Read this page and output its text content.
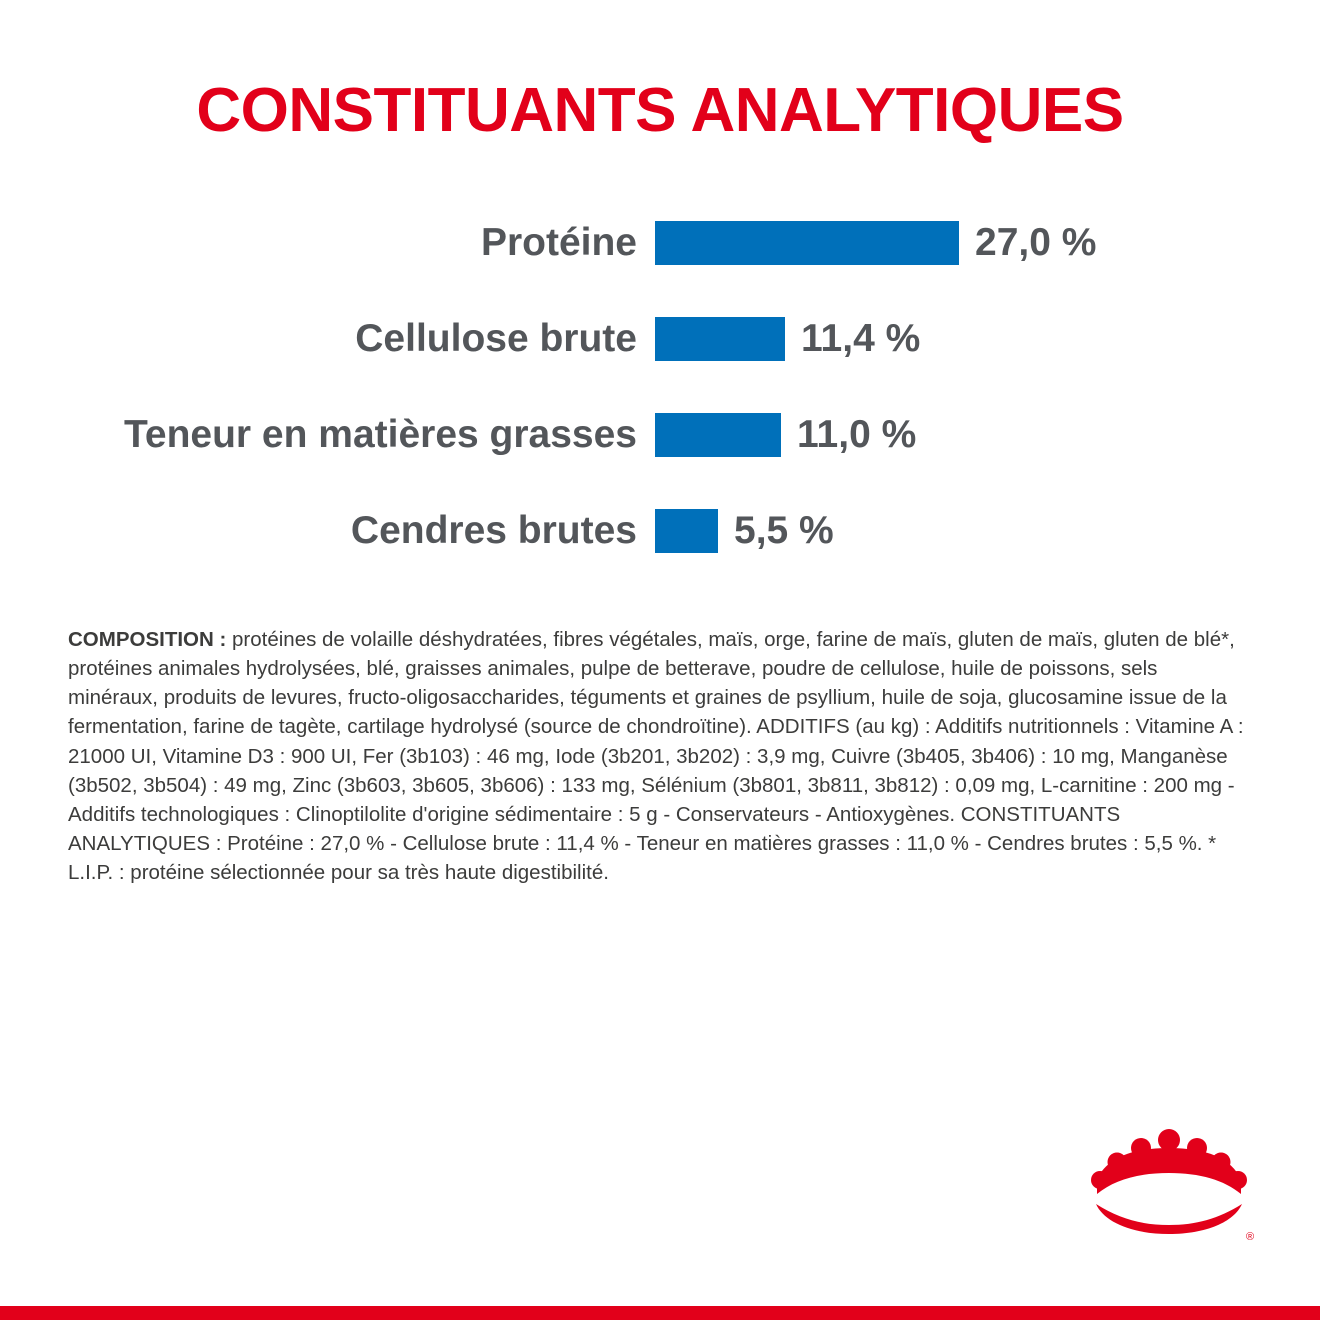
CONSTITUANTS ANALYTIQUES
Protéine	27,0 %
Cellulose brute	11,4 %
Teneur en matières grasses	11,0 %
Cendres brutes	5,5 %
COMPOSITION : protéines de volaille déshydratées, fibres végétales, maïs, orge, farine de maïs, gluten de maïs, gluten de blé*, protéines animales hydrolysées, blé, graisses animales, pulpe de betterave, poudre de cellulose, huile de poissons, sels minéraux, produits de levures, fructo-oligosaccharides, téguments et graines de psyllium, huile de soja, glucosamine issue de la fermentation, farine de tagète, cartilage hydrolysé (source de chondroïtine). ADDITIFS (au kg) : Additifs nutritionnels : Vitamine A : 21000 UI, Vitamine D3 : 900 UI, Fer (3b103) : 46 mg, Iode (3b201, 3b202) : 3,9 mg, Cuivre (3b405, 3b406) : 10 mg, Manganèse (3b502, 3b504) : 49 mg, Zinc (3b603, 3b605, 3b606) : 133 mg, Sélénium (3b801, 3b811, 3b812) : 0,09 mg, L-carnitine : 200 mg - Additifs technologiques : Clinoptilolite d'origine sédimentaire : 5 g - Conservateurs - Antioxygènes. CONSTITUANTS ANALYTIQUES : Protéine : 27,0 % - Cellulose brute : 11,4 % - Teneur en matières grasses : 11,0 % - Cendres brutes : 5,5 %. * L.I.P. : protéine sélectionnée pour sa très haute digestibilité.
®
